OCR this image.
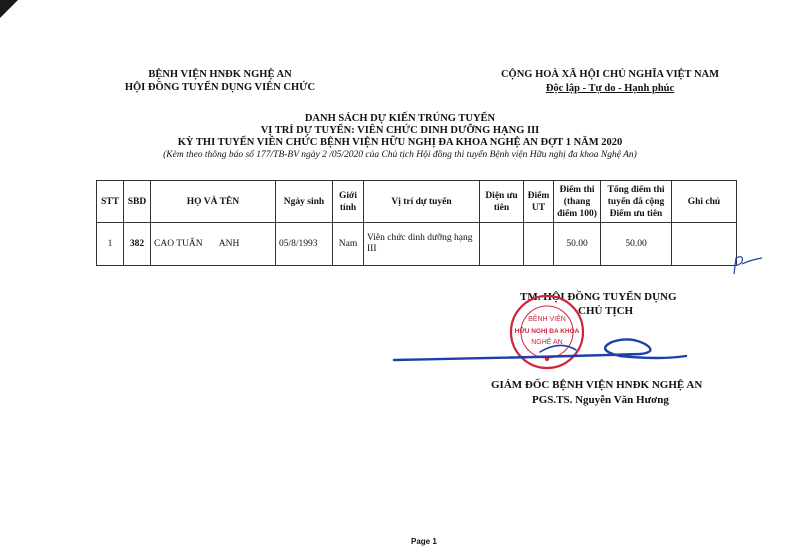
BỆNH VIỆN HNĐK NGHỆ AN
HỘI ĐỒNG TUYỂN DỤNG VIÊN CHỨC
CỘNG HOÀ XÃ HỘI CHỦ NGHĨA VIỆT NAM
Độc lập - Tự do - Hạnh phúc
DANH SÁCH DỰ KIẾN TRÚNG TUYỂN
VỊ TRÍ DỰ TUYỂN: VIÊN CHỨC DINH DƯỠNG HẠNG III
KỲ THI TUYỂN VIÊN CHỨC BỆNH VIỆN HỮU NGHỊ ĐA KHOA NGHỆ AN ĐỢT 1 NĂM 2020
(Kèm theo thông báo số 177/TB-BV ngày 2 /05/2020 của Chủ tịch Hội đồng thi tuyển Bệnh viện Hữu nghị đa khoa Nghệ An)
STT	SBD	HỌ VÀ TÊN	Ngày sinh	Giới tính	Vị trí dự tuyển	Diện ưu tiên	Điểm UT	Điểm thi (thang điểm 100)	Tổng điểm thi tuyển đã cộng Điểm ưu tiên	Ghi chú
1	382	CAO TUẤN       ANH	05/8/1993	Nam	Viên chức dinh dưỡng hạng III			50.00	50.00	
TM. HỘI ĐỒNG TUYỂN DỤNG
CHỦ TỊCH
BỆNH VIỆN
HỮU NGHỊ ĐA KHOA
NGHỆ AN
GIÁM ĐỐC BỆNH VIỆN HNĐK NGHỆ AN
PGS.TS. Nguyễn Văn Hương
Page 1
